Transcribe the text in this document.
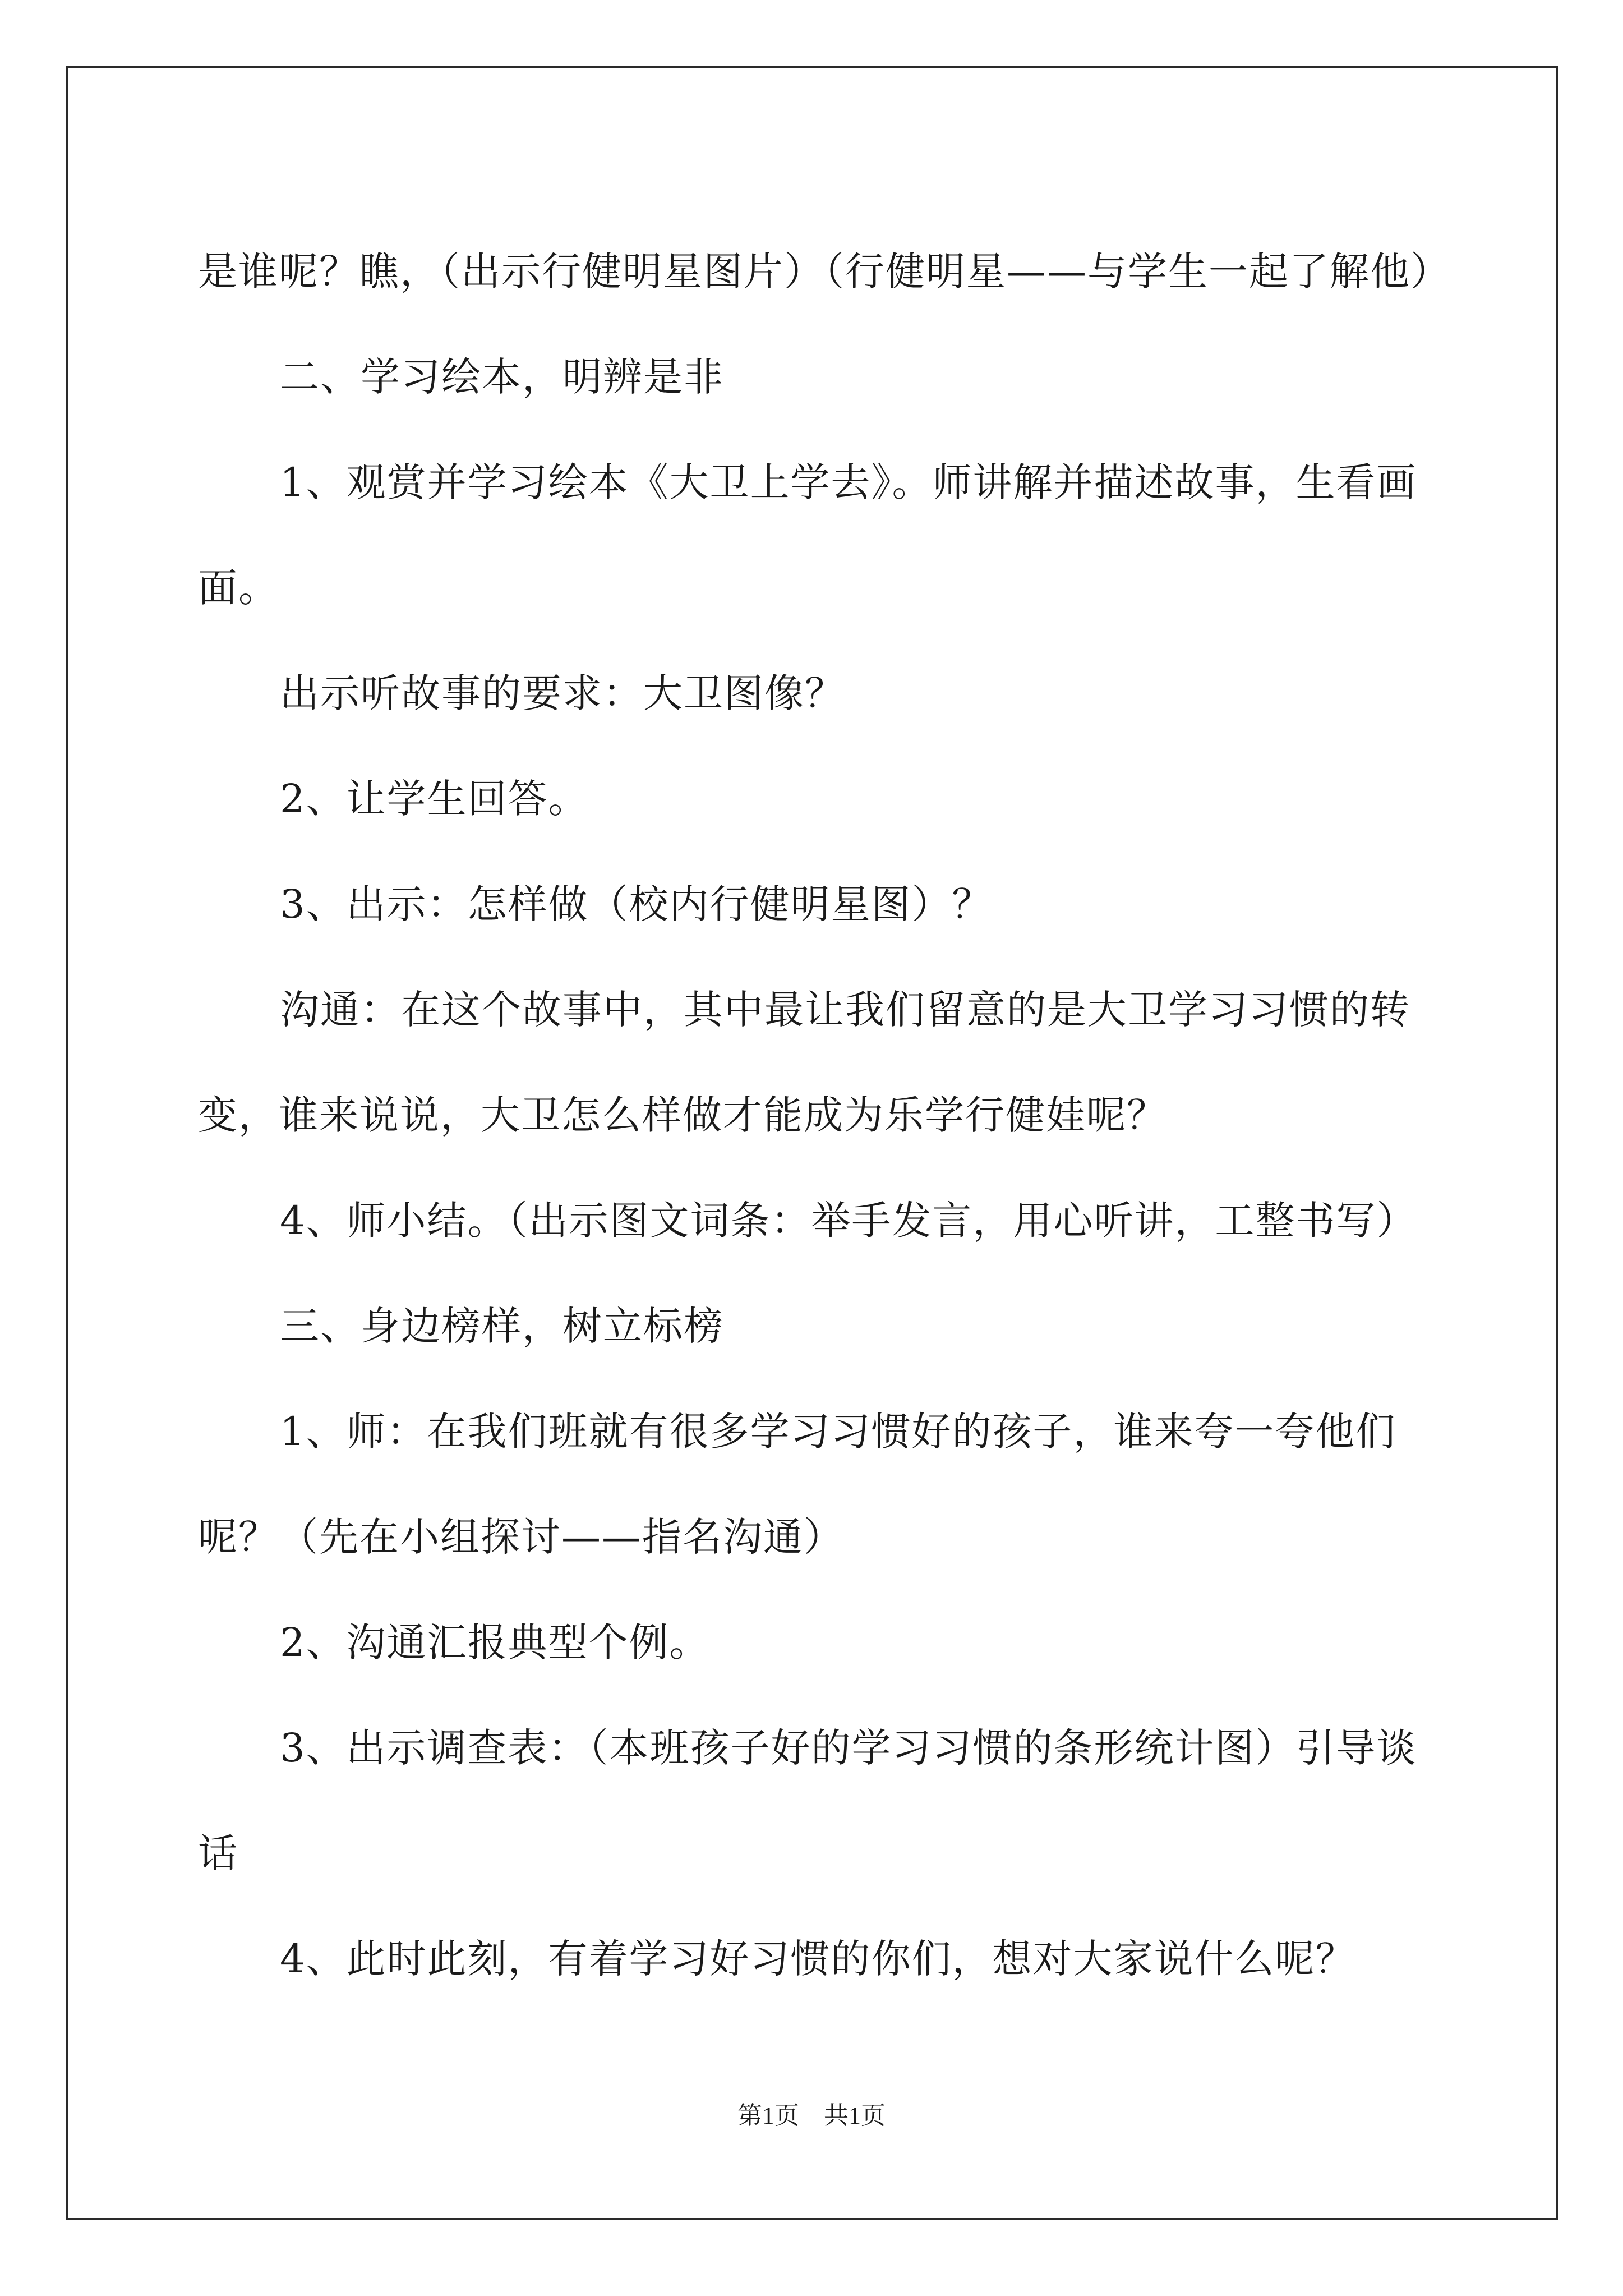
是谁呢？瞧，（出示行健明星图片）（行健明星——与学生一起了解他）

二、学习绘本，明辨是非

1、观赏并学习绘本《大卫上学去》。师讲解并描述故事，生看画面。

出示听故事的要求：大卫图像？

2、让学生回答。

3、出示：怎样做（校内行健明星图）？

沟通：在这个故事中，其中最让我们留意的是大卫学习习惯的转变，谁来说说，大卫怎么样做才能成为乐学行健娃呢？

4、师小结。（出示图文词条：举手发言，用心听讲，工整书写）

三、身边榜样，树立标榜

1、师：在我们班就有很多学习习惯好的孩子，谁来夸一夸他们呢？（先在小组探讨——指名沟通）

2、沟通汇报典型个例。

3、出示调查表：（本班孩子好的学习习惯的条形统计图）引导谈话

4、此时此刻，有着学习好习惯的你们，想对大家说什么呢？

第1页　共1页
